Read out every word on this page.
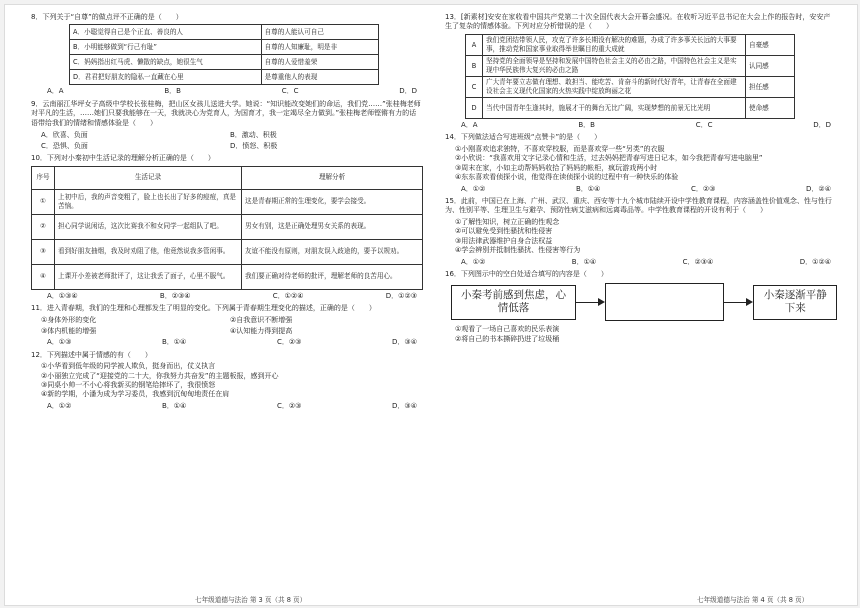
8．下列关于“自尊”的做点评不正确的是（　　）
A．小聪觉得自己是个正直、善良的人	自尊的人能认可自己
B．小明能够做到“行己有耻”	自尊的人知廉耻，明是非
C．妈妈指出红马虎、懒散的缺点，她很生气	自尊的人爱惜羞荣
D．君君把好朋友的隐私一直藏在心里	是尊重他人的表现
A．A	B．B	C．C	D．D
9．云南丽江华坪女子高级中学校长张桂梅，把山区女孩儿送进大学。她说：“知识能改变她们的命运，我们党……”张桂梅老师对平凡的生活，……她们只要我能够在一天，我就决心为党育人，为国育才，我一定竭尽全力做到。”张桂梅老师铿锵有力的话语带给我们的情绪和情感体验是（　　）
A．欣喜、负面	B．激动、积极
C．恐惧、负面	D．愤怒、积极
10．下列对小秦初中生活记录的理解分析正确的是（　　）
序号	生活记录	理解分析
①	上初中后，我的声音变粗了，脸上也长出了好多的痘痘，真是苦恼。	这是青春期正常的生理变化，要学会接受。
②	担心同学说闲话，这次比赛我不和女同学一起组队了吧。	男女有别，这是正确处理男女关系的表现。
③	看到好朋友抽烟，我及时劝阻了他，他竟然说我多管闲事。	友谊不能没有原则，对朋友误入歧途的，要予以规劝。
④	上课开小差被老师批评了，这让我丢了面子，心里不服气。	我们要正确对待老师的批评，理解老师的良苦用心。
A．①③④	B．②③④	C．①②④	D．①②③
11．进入青春期，我们的生理和心理都发生了明显的变化。下列属于青春期生理变化的描述，正确的是（　　）
①身体外形的变化	②自我意识不断增强
③体内机能的增强	④认知能力得到提高
A．①③	B．①④	C．②③	D．③④
12．下列描述中属于情感的有（　　）
①小华看到低年级的同学被人欺负，挺身而出，仗义执言
②小丽独立完成了“迎接党的二十大，你我努力共奋发”的主题板报，感到开心
③同桌小帅一不小心将我新买的钢笔给摔坏了，我很愤怒
④新的学期，小潘为成为学习委员，我感到沉甸甸地责任在肩
A．①②	B．①④	C．②③	D．③④
13．[新素材]安安在家收看中国共产党第二十次全国代表大会开幕会盛况。在收听习近平总书记在大会上作的报告时，安安产生了复杂的情感体验。下列对应分析错误的是（　　）
A	我们党团结带领人民，攻克了许多长期没有解决的难题，办成了许多事关长远的大事要事，推动党和国家事业取得举世瞩目的重大成就	自豪感
B	坚持党的全面领导是坚持和发展中国特色社会主义的必由之路，中国特色社会主义是实现中华民族伟大复兴的必由之路	认同感
C	广大青年要立志做有理想、敢担当、能吃苦、肯奋斗的新时代好青年，让青春在全面建设社会主义现代化国家的火热实践中绽放绚丽之花	担任感
D	当代中国青年生逢其时，施展才干的舞台无比广阔，实现梦想的前景无比光明	使命感
A．A	B．B	C．C	D．D
14．下列做法适合写进班级“点赞卡”的是（　　）
①小刚喜欢追求独特，不喜欢穿校服，而是喜欢穿一些“另类”的衣服
②小欣说：“我喜欢用文字记录心情和生活，过去妈妈把青春写进日记本，如今我把青春写进电脑里”
③周末在家，小如主动帮妈妈收拾了妈妈的帐柜，疯玩游戏两小时
④东东喜欢看侦探小说，他觉得在读侦探小说的过程中有一种快乐的体验
A．①②	B．①④	C．②③	D．②④
15．此前，中国已在上海、广州、武汉、重庆、西安等十九个城市陆续开设中学性教育课程，内容涵盖性价值观念、性与性行为、性别平等、生理卫生与避孕、预防性病艾滋病和远离毒品等。中学性教育课程的开设有利于（　　）
①了解性知识，树立正确的性观念
②可以避免受到性骚扰和性侵害
③用法律武器维护自身合法权益
④学会辨别并抵制性骚扰、性侵害等行为
A．①②	B．①④	C．②③④	D．①②④
16．下列图示中的空白处适合填写的内容是（　　）
小秦考前感到焦虑，心情低落
小秦逐渐平静下来
①观看了一场自己喜欢的民乐表演
②将自己的书本撕碎扔进了垃圾桶
七年级道德与法治 第 3 页（共 8 页）	七年级道德与法治 第 4 页（共 8 页）
